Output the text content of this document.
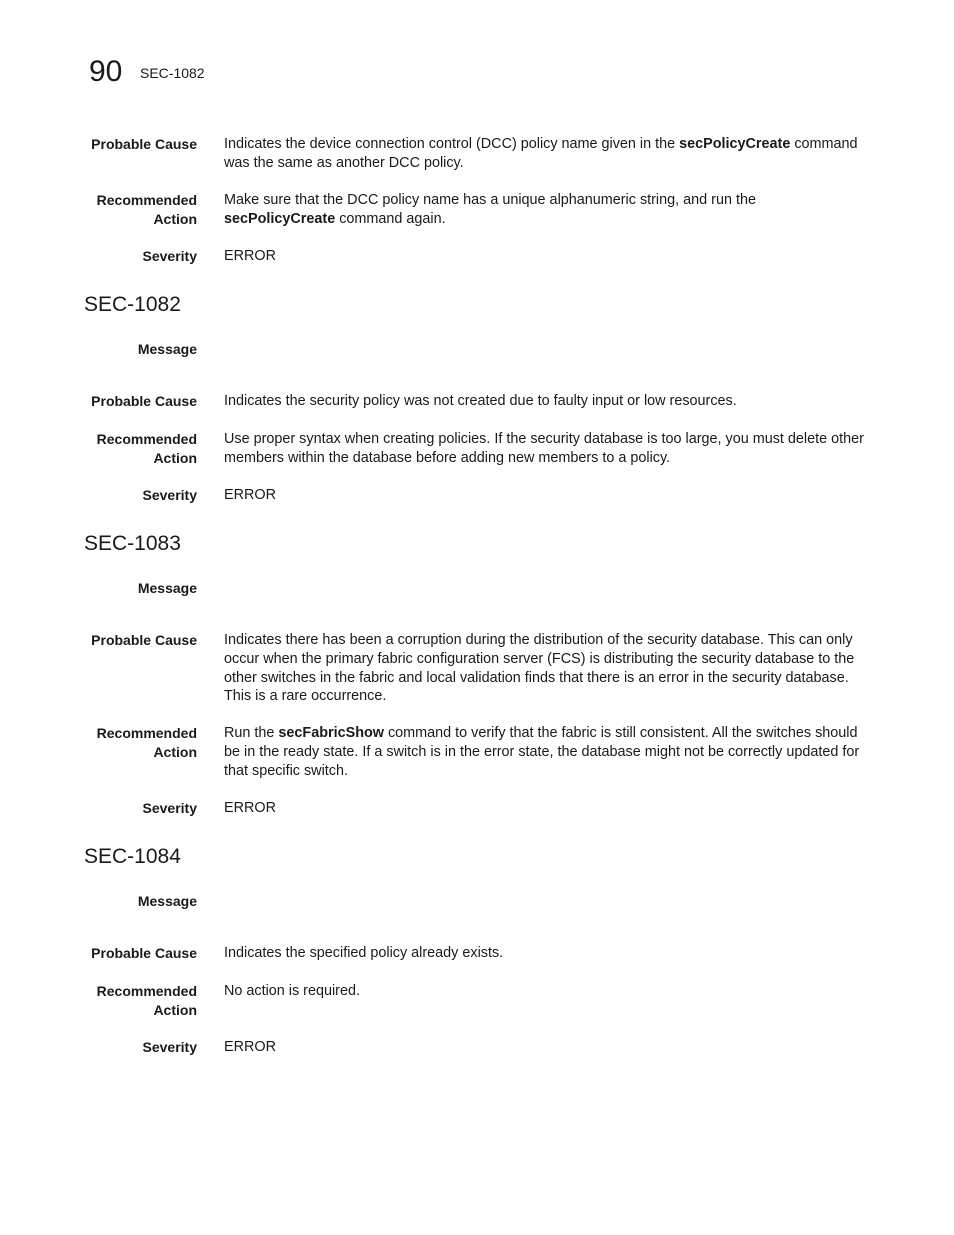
90 SEC-1082
Probable Cause Indicates the device connection control (DCC) policy name given in the secPolicyCreate command was the same as another DCC policy.
Recommended
Action
Make sure that the DCC policy name has a unique alphanumeric string, and run the secPolicyCreate command again.
Severity ERROR
SEC-1082
Message
Probable Cause Indicates the security policy was not created due to faulty input or low resources.
Recommended
Action
Use proper syntax when creating policies. If the security database is too large, you must delete other members within the database before adding new members to a policy.
Severity ERROR
SEC-1083
Message
Probable Cause Indicates there has been a corruption during the distribution of the security database. This can only occur when the primary fabric configuration server (FCS) is distributing the security database to the other switches in the fabric and local validation finds that there is an error in the security database. This is a rare occurrence.
Recommended
Action
Run the secFabricShow command to verify that the fabric is still consistent. All the switches should be in the ready state. If a switch is in the error state, the database might not be correctly updated for that specific switch.
Severity ERROR
SEC-1084
Message
Probable Cause Indicates the specified policy already exists.
Recommended
Action
No action is required.
Severity ERROR
